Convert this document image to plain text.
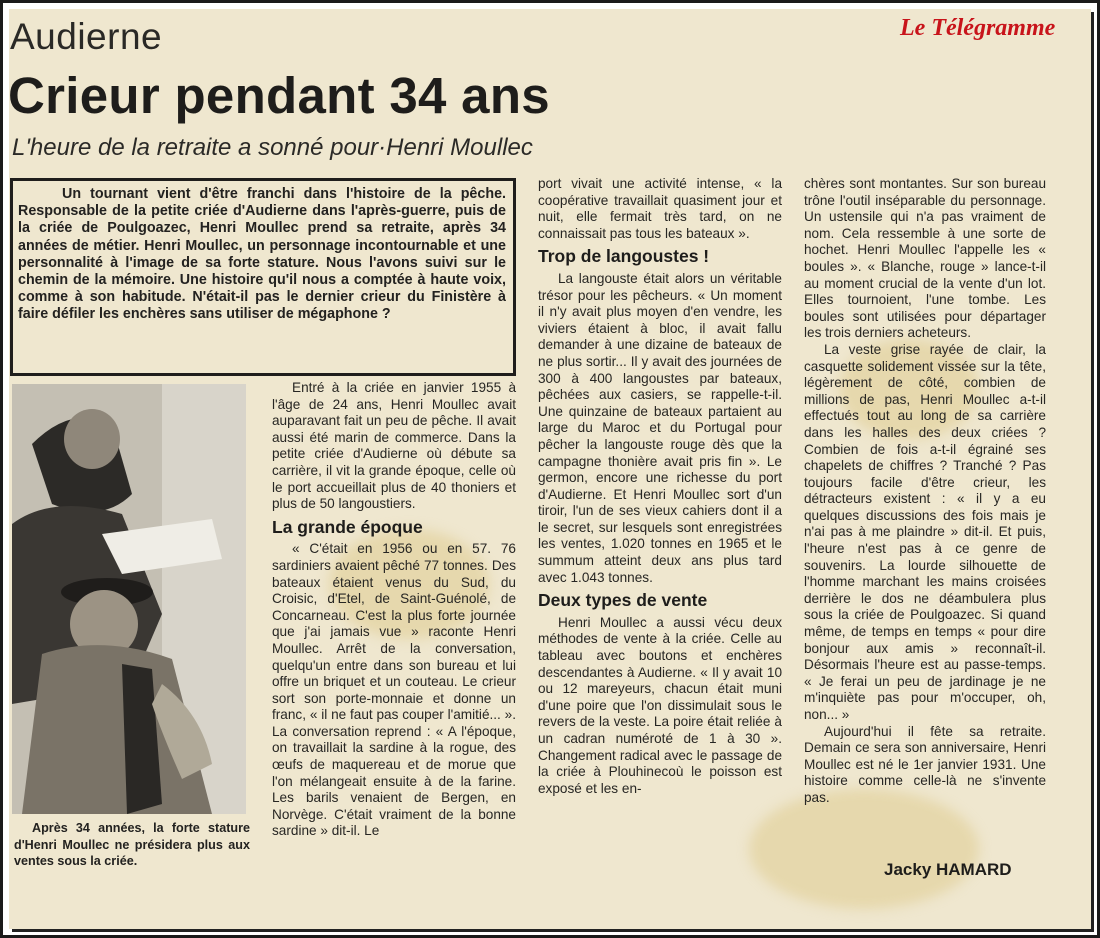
Audierne	Le Télégramme
Crieur pendant 34 ans
L'heure de la retraite a sonné pour·Henri Moullec

Un tournant vient d'être franchi dans l'histoire de la pêche. Responsable de la petite criée d'Audierne dans l'après-guerre, puis de la criée de Poulgoazec, Henri Moullec prend sa retraite, après 34 années de métier. Henri Moullec, un personnage incontournable et une personnalité à l'image de sa forte stature. Nous l'avons suivi sur le chemin de la mémoire. Une histoire qu'il nous a comptée à haute voix, comme à son habitude. N'était-il pas le dernier crieur du Finistère à faire défiler les enchères sans utiliser de mégaphone ?

Après 34 années, la forte stature d'Henri Moullec ne présidera plus aux ventes sous la criée.

Entré à la criée en janvier 1955 à l'âge de 24 ans, Henri Moullec avait auparavant fait un peu de pêche. Il avait aussi été marin de commerce. Dans la petite criée d'Audierne où débute sa carrière, il vit la grande époque, celle où le port accueillait plus de 40 thoniers et plus de 50 langoustiers.

La grande époque

« C'était en 1956 ou en 57. 76 sardiniers avaient pêché 77 tonnes. Des bateaux étaient venus du Sud, du Croisic, d'Etel, de Saint-Guénolé, de Concarneau. C'est la plus forte journée que j'ai jamais vue » raconte Henri Moullec. Arrêt de la conversation, quelqu'un entre dans son bureau et lui offre un briquet et un couteau. Le crieur sort son porte-monnaie et donne un franc, « il ne faut pas couper l'amitié... ». La conversation reprend : « A l'époque, on travaillait la sardine à la rogue, des œufs de maquereau et de morue que l'on mélangeait ensuite à de la farine. Les barils venaient de Bergen, en Norvège. C'était vraiment de la bonne sardine » dit-il. Le

port vivait une activité intense, « la coopérative travaillait quasiment jour et nuit, elle fermait très tard, on ne connaissait pas tous les bateaux ».

Trop de langoustes !

La langouste était alors un véritable trésor pour les pêcheurs. « Un moment il n'y avait plus moyen d'en vendre, les viviers étaient à bloc, il avait fallu demander à une dizaine de bateaux de ne plus sortir... Il y avait des journées de 300 à 400 langoustes par bateaux, pêchées aux casiers, se rappelle-t-il. Une quinzaine de bateaux partaient au large du Maroc et du Portugal pour pêcher la langouste rouge dès que la campagne thonière avait pris fin ». Le germon, encore une richesse du port d'Audierne. Et Henri Moullec sort d'un tiroir, l'un de ses vieux cahiers dont il a le secret, sur lesquels sont enregistrées les ventes, 1.020 tonnes en 1965 et le summum atteint deux ans plus tard avec 1.043 tonnes.

Deux types de vente

Henri Moullec a aussi vécu deux méthodes de vente à la criée. Celle au tableau avec boutons et enchères descendantes à Audierne. « Il y avait 10 ou 12 mareyeurs, chacun était muni d'une poire que l'on dissimulait sous le revers de la veste. La poire était reliée à un cadran numéroté de 1 à 30 ». Changement radical avec le passage de la criée à Plouhinecoù le poisson est exposé et les en-

chères sont montantes. Sur son bureau trône l'outil inséparable du personnage. Un ustensile qui n'a pas vraiment de nom. Cela ressemble à une sorte de hochet. Henri Moullec l'appelle les « boules ». « Blanche, rouge » lance-t-il au moment crucial de la vente d'un lot. Elles tournoient, l'une tombe. Les boules sont utilisées pour départager les trois derniers acheteurs.

La veste grise rayée de clair, la casquette solidement vissée sur la tête, légèrement de côté, combien de millions de pas, Henri Moullec a-t-il effectués tout au long de sa carrière dans les halles des deux criées ? Combien de fois a-t-il égrainé ses chapelets de chiffres ? Tranché ? Pas toujours facile d'être crieur, les détracteurs existent : « il y a eu quelques discussions des fois mais je n'ai pas à me plaindre » dit-il. Et puis, l'heure n'est pas à ce genre de souvenirs. La lourde silhouette de l'homme marchant les mains croisées derrière le dos ne déambulera plus sous la criée de Poulgoazec. Si quand même, de temps en temps « pour dire bonjour aux amis » reconnaît-il. Désormais l'heure est au passe-temps. « Je ferai un peu de jardinage je ne m'inquiète pas pour m'occuper, oh, non... »

Aujourd'hui il fête sa retraite. Demain ce sera son anniversaire, Henri Moullec est né le 1er janvier 1931. Une histoire comme celle-là ne s'invente pas.

Jacky HAMARD
